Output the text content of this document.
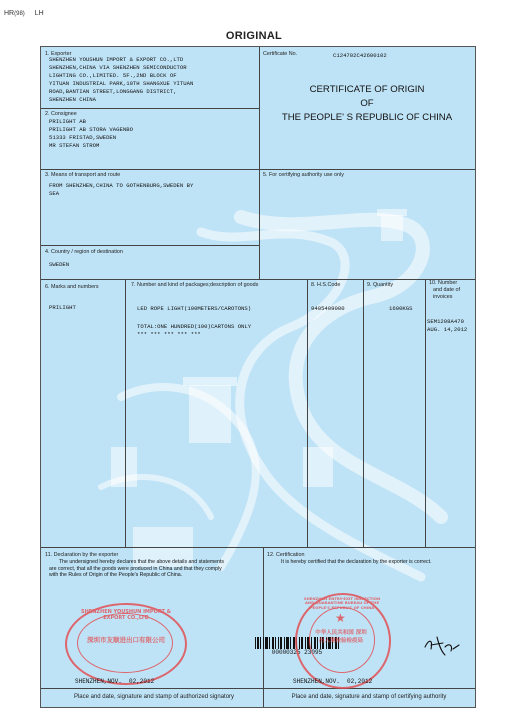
HR(98) LH
ORIGINAL
1. Exporter
SHENZHEN YOUSHUN IMPORT & EXPORT CO.,LTD
SHENZHEN,CHINA VIA SHENZHEN SEMICONDUCTOR
LIGHTING CO.,LIMITED. 5F.,2ND BLOCK OF
YITUAN INDUSTRIAL PARK,10TH SHANGXUE YITUAN
ROAD,BANTIAN STREET,LONGGANG DISTRICT,
SHENZHEN CHINA
Certificate No.	C124702C42600102
CERTIFICATE OF ORIGIN
OF
THE PEOPLE' S REPUBLIC OF CHINA
2. Consignee
PRILIGHT AB
PRILIGHT AB STORA VAGENBO
51333 FRISTAD,SWEDEN
MR STEFAN STROM
3. Means of transport and route
FROM SHENZHEN,CHINA TO GOTHENBURG,SWEDEN BY
SEA
5. For certifying authority use only
4. Country / region of destination
SWEDEN
6. Marks and numbers	7. Number and kind of packages;description of goods	8. H.S.Code	9. Quantity	10. Number
and date of
invoices
PRILIGHT	LED ROPE LIGHT(100METERS/CAROTONS)
TOTAL:ONE HUNDRED(100)CARTONS ONLY
*** *** *** *** ***
9405409000	1600KGS
SEM1208A470
AUG. 14,2012
11. Declaration by the exporter
The undersigned hereby declares that the above details and statements
are correct, that all the goods were produced in China and that they comply
with the Rules of Origin of the People's Republic of China.
SHENZHEN YOUSHUN IMPORT & EXPORT CO.,LTD
深圳市友顺进出口有限公司
SHENZHEN,NOV.  02,2012
Place and date, signature and stamp of authorized signatory
00000325 23095
12. Certification
It is hereby certified that the declaration by the exporter is correct.
★
SHENZHEN ENTRY-EXIT INSPECTION AND QUARANTINE BUREAU OF THE PEOPLE'S REPUBLIC OF CHINA
中华人民共和国 深圳 出入境检验检疫局
SHENZHEN,NOV.  02,2012
Place and date, signature and stamp of certifying authority
